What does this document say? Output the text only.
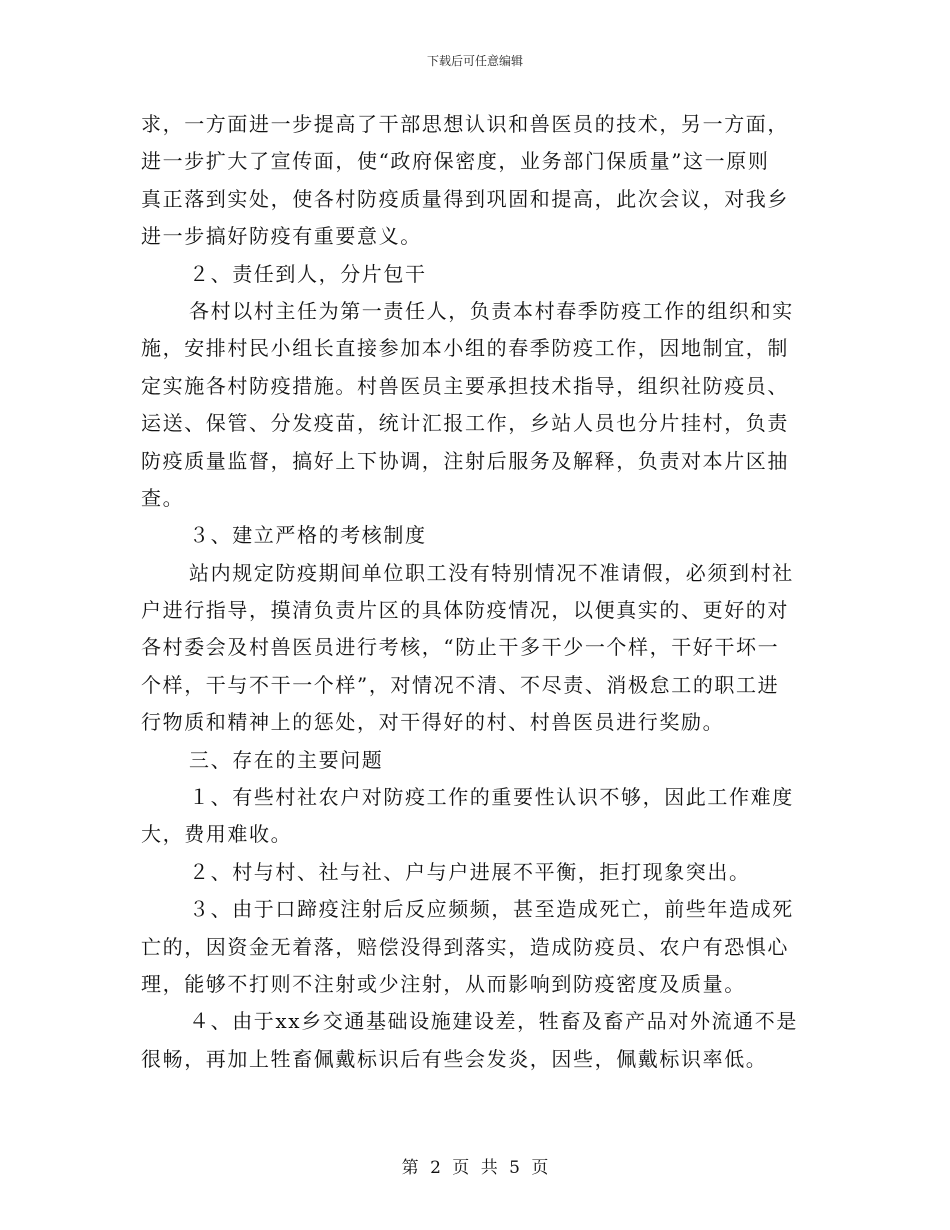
下载后可任意编辑
求，一方面进一步提高了干部思想认识和兽医员的技术，另一方面，
进一步扩大了宣传面，使“政府保密度，业务部门保质量”这一原则
真正落到实处，使各村防疫质量得到巩固和提高，此次会议，对我乡
进一步搞好防疫有重要意义。
２、责任到人，分片包干
各村以村主任为第一责任人，负责本村春季防疫工作的组织和实
施，安排村民小组长直接参加本小组的春季防疫工作，因地制宜，制
定实施各村防疫措施。村兽医员主要承担技术指导，组织社防疫员、
运送、保管、分发疫苗，统计汇报工作，乡站人员也分片挂村，负责
防疫质量监督，搞好上下协调，注射后服务及解释，负责对本片区抽
查。
３、建立严格的考核制度
站内规定防疫期间单位职工没有特别情况不准请假，必须到村社
户进行指导，摸清负责片区的具体防疫情况，以便真实的、更好的对
各村委会及村兽医员进行考核，“防止干多干少一个样，干好干坏一
个样，干与不干一个样”，对情况不清、不尽责、消极怠工的职工进
行物质和精神上的惩处，对干得好的村、村兽医员进行奖励。
三、存在的主要问题
１、有些村社农户对防疫工作的重要性认识不够，因此工作难度
大，费用难收。
２、村与村、社与社、户与户进展不平衡，拒打现象突出。
３、由于口蹄疫注射后反应频频，甚至造成死亡，前些年造成死
亡的，因资金无着落，赔偿没得到落实，造成防疫员、农户有恐惧心
理，能够不打则不注射或少注射，从而影响到防疫密度及质量。
４、由于xx乡交通基础设施建设差，牲畜及畜产品对外流通不是
很畅，再加上牲畜佩戴标识后有些会发炎，因些，佩戴标识率低。
第 2 页 共 5 页
